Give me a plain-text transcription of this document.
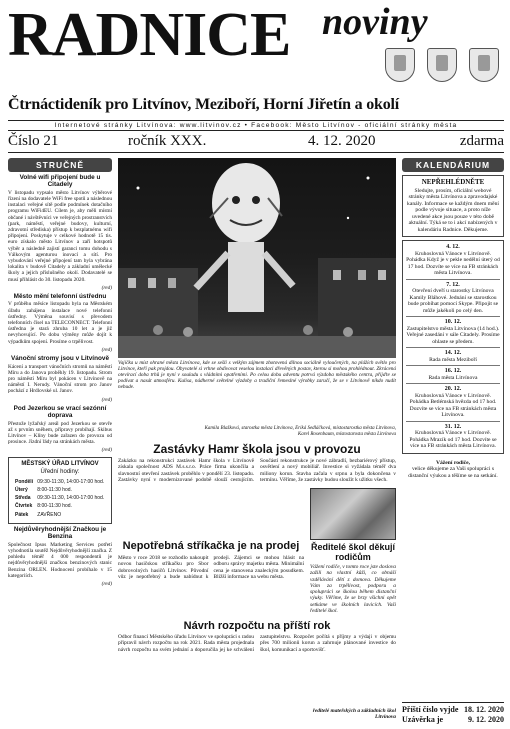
RADNICE noviny
Čtrnáctideník pro Litvínov, Meziboří, Horní Jiřetín a okolí
Internetové stránky Litvínova: www.litvinov.cz • Facebook: Město Litvínov - oficiální stránky města
Číslo 21	ročník XXX.	4. 12. 2020	zdarma
STRUČNĚ
Volné wifi připojení bude u Citadely

V listopadu vypsalo město Litvínov výběrové řízení na dodavatele WiFi free spotů a následnou instalaci veřejné sítě podle podmínek dotačního programu WiFi4EU. Cílem je, aby měli místní občané i návštěvníci ve veřejných prostranstvích (park, náměstí, veřejné budovy, kulturní, zdravotní střediska) přístup k bezplatnému wifi připojení. Poskytuje v celkové hodnotě 15 tis. euro získalo město Litvínov a zaří hotspotů výběr a následně zajistí garanci tomu dohodu s Válkovým agenturou inovací a sítí. Pro vybudování veřejné připojení tam byla vybrána lokalita v budově Citadely a základní umělecké školy a jejich příslušného okolí. Dodavatelé se musí přihlásit do 30. listopadu 2020.

(red)

Město mění telefonní ústřednu

V průběhu měsíce listopadu byla na Městském úřadu zahájena instalace nové telefonní ústředny. Výměna souvisí s převodem telefonních čísel na TELECONNECT. Telefonní ústředna je stará zhruba 10 let a je již nevyhovující. Po dobu výměny může dojít k výpadkům spojení. Prosíme o trpělivost.

(red)

Vánoční stromy jsou v Litvínově

Kácení a transport vánočních stromů na náměstí Míru a do Janova proběhly 19. listopadu. Strom pro náměstí Míru byl pokácen v Litvínově na náměstí I. Nerudy. Vánoční strom pro Janov pochází z Hrdlovské ul. Janov.

(red)

Pod Jezerkou se vrací sezónní doprava

Přestože lyžařský areál pod Jezerkou se otevře až s prvním sněhem, přípravy probíhají. Skibus Litvínov – Klíny bude zařazen do provozu od prosince. Jízdní řády na stránkách města.

(red)

MĚSTSKÝ ÚŘAD LITVÍNOV
Úřední hodiny:
Pondělí	09:30-11:30, 14:00-17:00 hod.
Úterý	8:00-11:30 hod.
Středa	09:30-11:30, 14:00-17:00 hod.
Čtvrtek	8:00-11:30 hod.
Pátek	ZAVŘENO
Nejdůvěryhodnější Značkou je Benzina

Společnost Ipsos Marketing Services potřetí vyhodnotila soutěž Nejdůvěryhodnější značka. Z pohledu téměř 4 000 respondentů je nejdůvěryhodnější značkou benzinových stanic Benzina ORLEN. Hodnocení probíhalo v 15 kategoriích.

(red)

Vajíčka u míst ohrané města Litvínova, kde se sešli s velkým zájmem zhotovená dílnou sociálně vyloučených, na plážích světlo pro Litvínov, kteří pak projdou. Obyvatelé si vrhne obdivovat veselou instalaci dřevěných postav, kterou si mohou prohlédnout. Zkrácená otevírací doba trhů je nyní v souladu s vládními opatřeními. Po celou dobu adventu potrvá výzdoba městského centra, přijďte se podívat a nasát atmosféru. Kulisa, nádherné světelné výzdoby a tradiční řemeslné výrobky zaručí, že se v Litvínově nikdo nudit nebude.
Kamila Blažková, starostka města Litvínova, Eriká Sedláčková, místostarostka města Litvínova, Karel Rosenbaum, místostarosta města Litvínova
Zastávky Hamr škola jsou v provozu
Zakázku na rekonstrukci zastávek Hamr škola v Litvínově získala společnost ADS M.s.s.r.o. Práce firma ukončila a slavnostní otevření zastávek proběhlo v pondělí 23. listopadu. Zastávky nyní v modernizované podobě slouží cestujícím. Součástí rekonstrukce je nové zábradlí, bezbariérový přístup, osvětlení a nový mobiliář. Investice si vyžádala téměř dva miliony korun. Stavba začala v srpnu a byla dokončena v termínu. Věříme, že zastávky budou sloužit k užitku všech.
Nepotřebná stříkačka je na prodej
Město v roce 2018 se rozhodlo nakoupit novou hasičskou stříkačku pro Sbor dobrovolných hasičů Litvínov. Původní vůz je nepotřebný a bude nabídnut k prodeji. Zájemci se mohou hlásit na odboru správy majetku města. Minimální cena je stanovena znaleckým posudkem. Bližší informace na webu města.
Návrh rozpočtu na příští rok
Odbor financí Městského úřadu Litvínov ve spolupráci s radou připravil návrh rozpočtu na rok 2021. Rada města projednala návrh rozpočtu na svém jednání a doporučila jej ke schválení zastupitelstvu. Rozpočet počítá s příjmy a výdaji v objemu přes 700 milionů korun a zahrnuje plánované investice do škol, komunikací a sportovišť.
Ředitelé škol děkují rodičům
Vážení rodiče, v tomto roce jste doslova zažili na vlastní kůži, co obnáší vzdělávání dětí z domova. Děkujeme Vám za trpělivost, podporu a spolupráci se školou během distanční výuky. Věříme, že se brzy všichni opět setkáme ve školních lavicích. Vaši ředitelé škol.
ředitelé mateřských a základních škol Litvínova
KALENDÁRIUM
NEPŘEHLÉDNĚTE
Sledujte, prosím, oficiální webové stránky města Litvínova a zpravodajské kanály. Informace se každým dnem mění podle vývoje situace, a proto níže uvedené akce jsou pouze v této době aktuální. Týká se to i akcí nabízených v kalendáriu Radnice. Děkujeme.
4. 12.
Kruhoslovná Vánoce v Litvínově. Pohádka Když je v pekle nedělní úterý od 17 hod. Dozvíte se více na FB stránkách města Litvínova.
7. 12.
Otevření dveří u starostky Litvínova Kamily Bláhové. Jednání se starostkou bude probíhat pomocí Skype. Připojit se může jakékoli po celý den.
10. 12.
Zastupitelstvo města Litvínova (14 hod.). Veřejné zasedání v sále Citadely. Prosíme ohlaste se předem.
14. 12.
Rada města Meziboří
16. 12.
Rada města Litvínova
20. 12.
Kruhoslovná Vánoce v Litvínově. Pohádka Betlémská hvězda od 17 hod. Dozvíte se více na FB stránkách města Litvínova.
31. 12.
Kruhoslovná Vánoce v Litvínově. Pohádka Mrazík od 17 hod. Dozvíte se více na FB stránkách města Litvínova.
Vážení rodiče,
velice děkujeme za Vaši spolupráci s distanční výukou a těšíme se na setkání.
Příští číslo vyjde 18. 12. 2020
Uzávěrka je	9. 12. 2020
